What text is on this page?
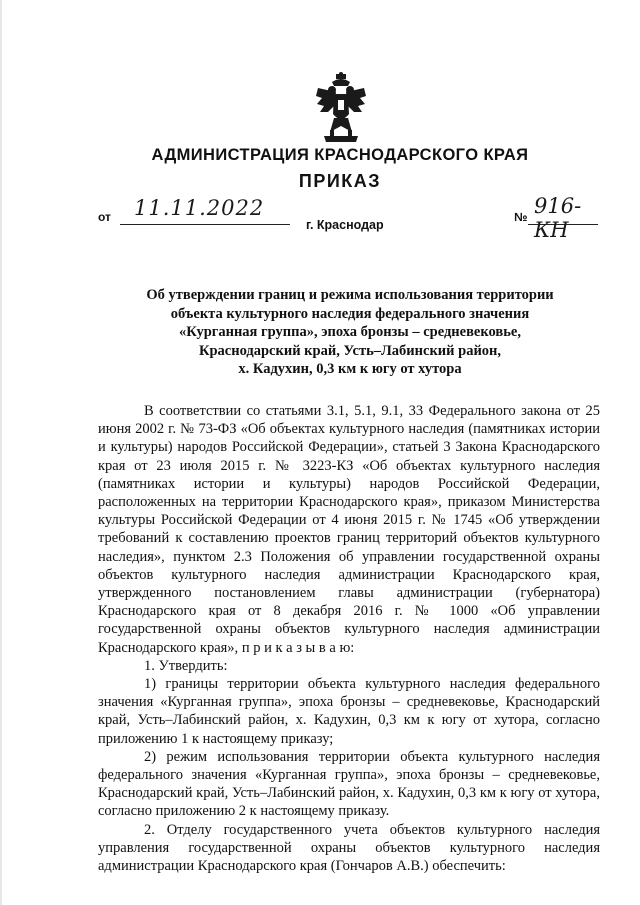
АДМИНИСТРАЦИЯ КРАСНОДАРСКОГО КРАЯ
ПРИКАЗ
от 11.11.2022
г. Краснодар
№ 916-КН
Об утверждении границ и режима использования территории
объекта культурного наследия федерального значения
«Курганная группа», эпоха бронзы – средневековье,
Краснодарский край, Усть–Лабинский район,
х. Кадухин, 0,3 км к югу от хутора

В соответствии со статьями 3.1, 5.1, 9.1, 33 Федерального закона от 25 июня 2002 г. № 73-ФЗ «Об объектах культурного наследия (памятниках истории и культуры) народов Российской Федерации», статьей 3 Закона Краснодарского края от 23 июля 2015 г. № 3223-КЗ «Об объектах культурного наследия (памятниках истории и культуры) народов Российской Федерации, расположенных на территории Краснодарского края», приказом Министерства культуры Российской Федерации от 4 июня 2015 г. № 1745 «Об утверждении требований к составлению проектов границ территорий объектов культурного наследия», пунктом 2.3 Положения об управлении государственной охраны объектов культурного наследия администрации Краснодарского края, утвержденного постановлением главы администрации (губернатора) Краснодарского края от 8 декабря 2016 г. № 1000 «Об управлении государственной охраны объектов культурного наследия администрации Краснодарского края», п р и к а з ы в а ю:

1. Утвердить:

1) границы территории объекта культурного наследия федерального значения «Курганная группа», эпоха бронзы – средневековье, Краснодарский край, Усть–Лабинский район, х. Кадухин, 0,3 км к югу от хутора, согласно приложению 1 к настоящему приказу;

2) режим использования территории объекта культурного наследия федерального значения «Курганная группа», эпоха бронзы – средневековье, Краснодарский край, Усть–Лабинский район, х. Кадухин, 0,3 км к югу от хутора, согласно приложению 2 к настоящему приказу.

2. Отделу государственного учета объектов культурного наследия управления государственной охраны объектов культурного наследия администрации Краснодарского края (Гончаров А.В.) обеспечить:
